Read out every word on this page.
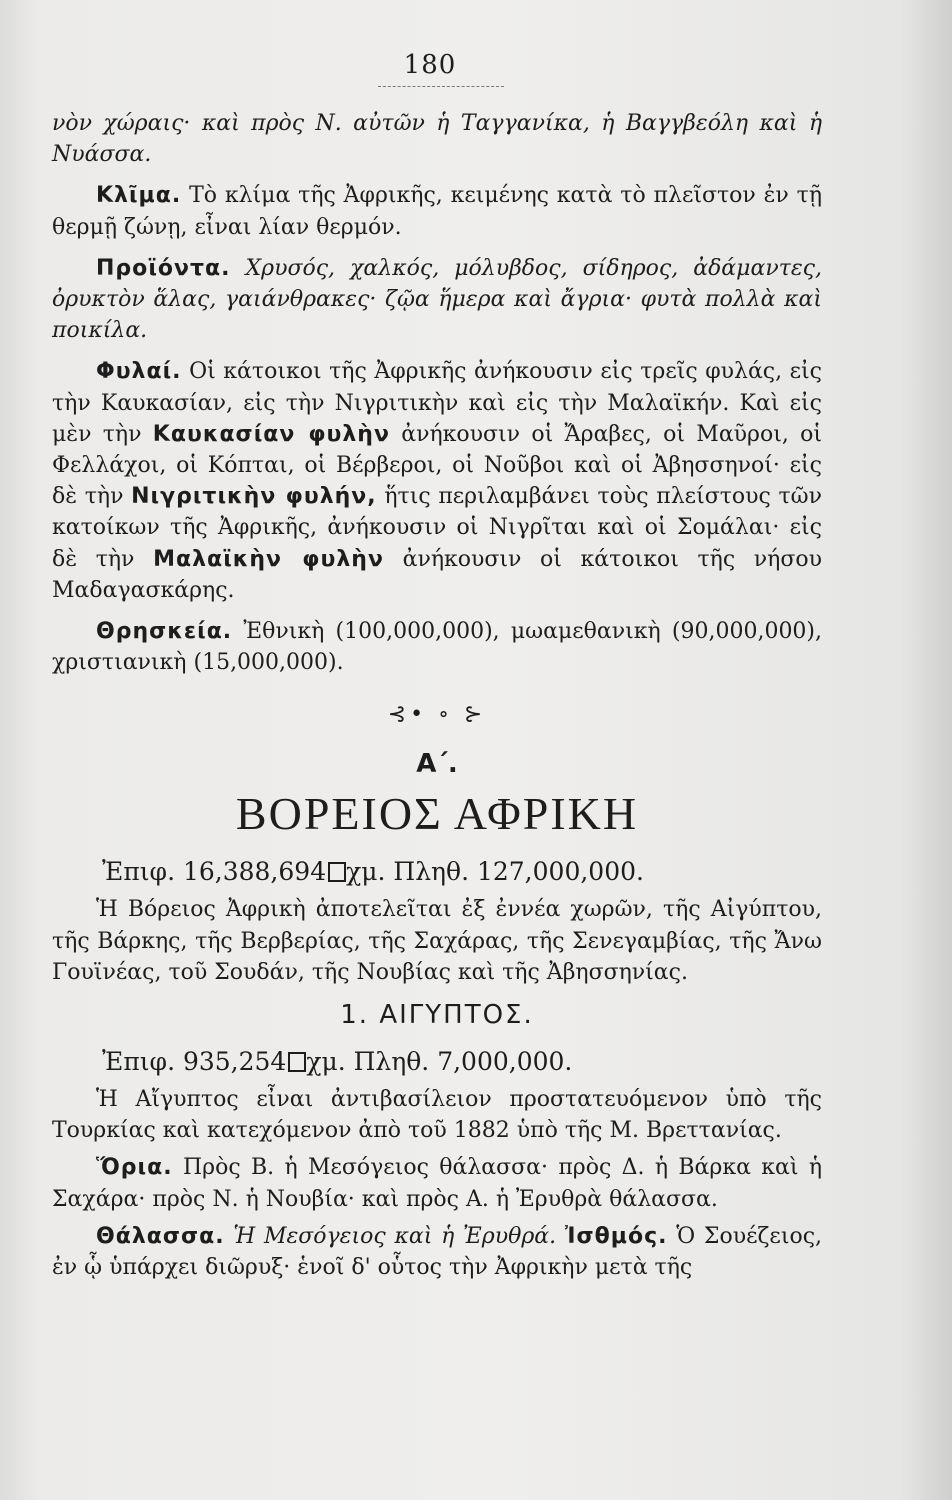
180

νὸν χώραις· καὶ πρὸς Ν. αὐτῶν ἡ Ταγγανίκα, ἡ Βαγγβεόλη καὶ ἡ Νυάσσα.

Κλῖμα. Τὸ κλίμα τῆς Ἀφρικῆς, κειμένης κατὰ τὸ πλεῖστον ἐν τῇ θερμῇ ζώνῃ, εἶναι λίαν θερμόν.

Προϊόντα. Χρυσός, χαλκός, μόλυβδος, σίδηρος, ἀδάμαντες, ὀρυκτὸν ἅλας, γαιάνθρακες· ζῷα ἥμερα καὶ ἄγρια· φυτὰ πολλὰ καὶ ποικίλα.

Φυλαί. Οἱ κάτοικοι τῆς Ἀφρικῆς ἀνήκουσιν εἰς τρεῖς φυλάς, εἰς τὴν Καυκασίαν, εἰς τὴν Νιγριτικὴν καὶ εἰς τὴν Μαλαϊκήν. Καὶ εἰς μὲν τὴν Καυκασίαν φυλὴν ἀνήκουσιν οἱ Ἄραβες, οἱ Μαῦροι, οἱ Φελλάχοι, οἱ Κόπται, οἱ Βέρβεροι, οἱ Νοῦβοι καὶ οἱ Ἀβησσηνοί· εἰς δὲ τὴν Νιγριτικὴν φυλήν, ἥτις περιλαμβάνει τοὺς πλείστους τῶν κατοίκων τῆς Ἀφρικῆς, ἀνήκουσιν οἱ Νιγρῖται καὶ οἱ Σομάλαι· εἰς δὲ τὴν Μαλαϊκὴν φυλὴν ἀνήκουσιν οἱ κάτοικοι τῆς νήσου Μαδαγασκάρης.

Θρησκεία. Ἐθνικὴ (100,000,000), μωαμεθανικὴ (90,000,000), χριστιανικὴ (15,000,000).

⊰• ∘ ⊱
Α΄.
ΒΟΡΕΙΟΣ ΑΦΡΙΚΗ
Ἐπιφ. 16,388,694 χμ. Πληθ. 127,000,000.

Ἡ Βόρειος Ἀφρικὴ ἀποτελεῖται ἐξ ἐννέα χωρῶν, τῆς Αἰγύπτου, τῆς Βάρκης, τῆς Βερβερίας, τῆς Σαχάρας, τῆς Σενεγαμβίας, τῆς Ἄνω Γουϊνέας, τοῦ Σουδάν, τῆς Νουβίας καὶ τῆς Ἀβησσηνίας.

1. ΑΙΓΥΠΤΟΣ.
Ἐπιφ. 935,254 χμ. Πληθ. 7,000,000.

Ἡ Αἴγυπτος εἶναι ἀντιβασίλειον προστατευόμενον ὑπὸ τῆς Τουρκίας καὶ κατεχόμενον ἀπὸ τοῦ 1882 ὑπὸ τῆς Μ. Βρεττανίας.

Ὅρια. Πρὸς Β. ἡ Μεσόγειος θάλασσα· πρὸς Δ. ἡ Βάρκα καὶ ἡ Σαχάρα· πρὸς Ν. ἡ Νουβία· καὶ πρὸς Α. ἡ Ἐρυθρὰ θάλασσα.

Θάλασσα. Ἡ Μεσόγειος καὶ ἡ Ἐρυθρά. Ἰσθμός. Ὁ Σουέζειος, ἐν ᾧ ὑπάρχει διῶρυξ· ἑνοῖ δ' οὗτος τὴν Ἀφρικὴν μετὰ τῆς
